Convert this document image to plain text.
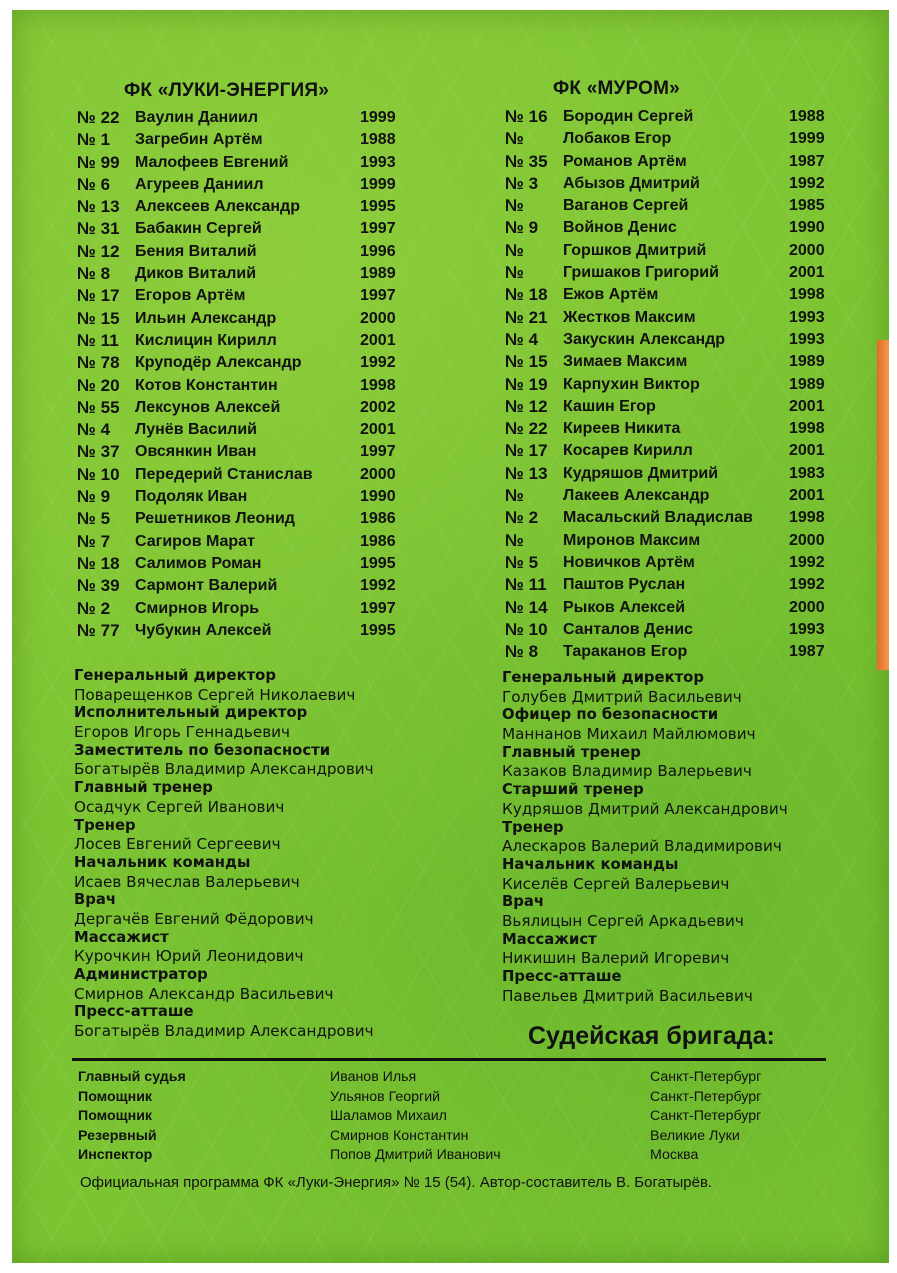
ФК «ЛУКИ-ЭНЕРГИЯ»
№ 22 Ваулин Даниил	1999
№ 1 Загребин Артём	1988
№ 99 Малофеев Евгений	1993
№ 6 Агуреев Даниил	1999
№ 13 Алексеев Александр	1995
№ 31 Бабакин Сергей	1997
№ 12 Бения Виталий	1996
№ 8 Диков Виталий	1989
№ 17 Егоров Артём	1997
№ 15 Ильин Александр	2000
№ 11 Кислицин Кирилл	2001
№ 78 Круподёр Александр	1992
№ 20 Котов Константин	1998
№ 55 Лексунов Алексей	2002
№ 4 Лунёв Василий	2001
№ 37 Овсянкин Иван	1997
№ 10 Передерий Станислав	2000
№ 9 Подоляк Иван	1990
№ 5 Решетников Леонид	1986
№ 7 Сагиров Марат	1986
№ 18 Салимов Роман	1995
№ 39 Сармонт Валерий	1992
№ 2 Смирнов Игорь	1997
№ 77 Чубукин Алексей	1995
ФК «МУРОМ»
№ 16 Бородин Сергей	1988
№ Лобаков Егор	1999
№ 35 Романов Артём	1987
№ 3 Абызов Дмитрий	1992
№ Ваганов Сергей	1985
№ 9 Войнов Денис	1990
№ Горшков Дмитрий	2000
№ Гришаков Григорий	2001
№ 18 Ежов Артём	1998
№ 21 Жестков Максим	1993
№ 4 Закускин Александр	1993
№ 15 Зимаев Максим	1989
№ 19 Карпухин Виктор	1989
№ 12 Кашин Егор	2001
№ 22 Киреев Никита	1998
№ 17 Косарев Кирилл	2001
№ 13 Кудряшов Дмитрий	1983
№ Лакеев Александр	2001
№ 2 Масальский Владислав 1998
№ Миронов Максим	2000
№ 5 Новичков Артём	1992
№ 11 Паштов Руслан	1992
№ 14 Рыков Алексей	2000
№ 10 Санталов Денис	1993
№ 8 Тараканов Егор	1987
Генеральный директор
Поварещенков Сергей Николаевич
Исполнительный директор
Егоров Игорь Геннадьевич
Заместитель по безопасности
Богатырёв Владимир Александрович
Главный тренер
Осадчук Сергей Иванович
Тренер
Лосев Евгений Сергеевич
Начальник команды
Исаев Вячеслав Валерьевич
Врач
Дергачёв Евгений Фёдорович
Массажист
Курочкин Юрий Леонидович
Администратор
Смирнов Александр Васильевич
Пресс-атташе
Богатырёв Владимир Александрович
Генеральный директор
Голубев Дмитрий Васильевич
Офицер по безопасности
Маннанов Михаил Майлюмович
Главный тренер
Казаков Владимир Валерьевич
Старший тренер
Кудряшов Дмитрий Александрович
Тренер
Алескаров Валерий Владимирович
Начальник команды
Киселёв Сергей Валерьевич
Врач
Вьялицын Сергей Аркадьевич
Массажист
Никишин Валерий Игоревич
Пресс-атташе
Павельев Дмитрий Васильевич
Судейская бригада:
Главный судья	Иванов Илья	Санкт-Петербург
Помощник	Ульянов Георгий	Санкт-Петербург
Помощник	Шаламов Михаил	Санкт-Петербург
Резервный	Смирнов Константин	Великие Луки
Инспектор	Попов Дмитрий Иванович	Москва
Официальная программа ФК «Луки-Энергия» № 15 (54). Автор-составитель В. Богатырёв.
